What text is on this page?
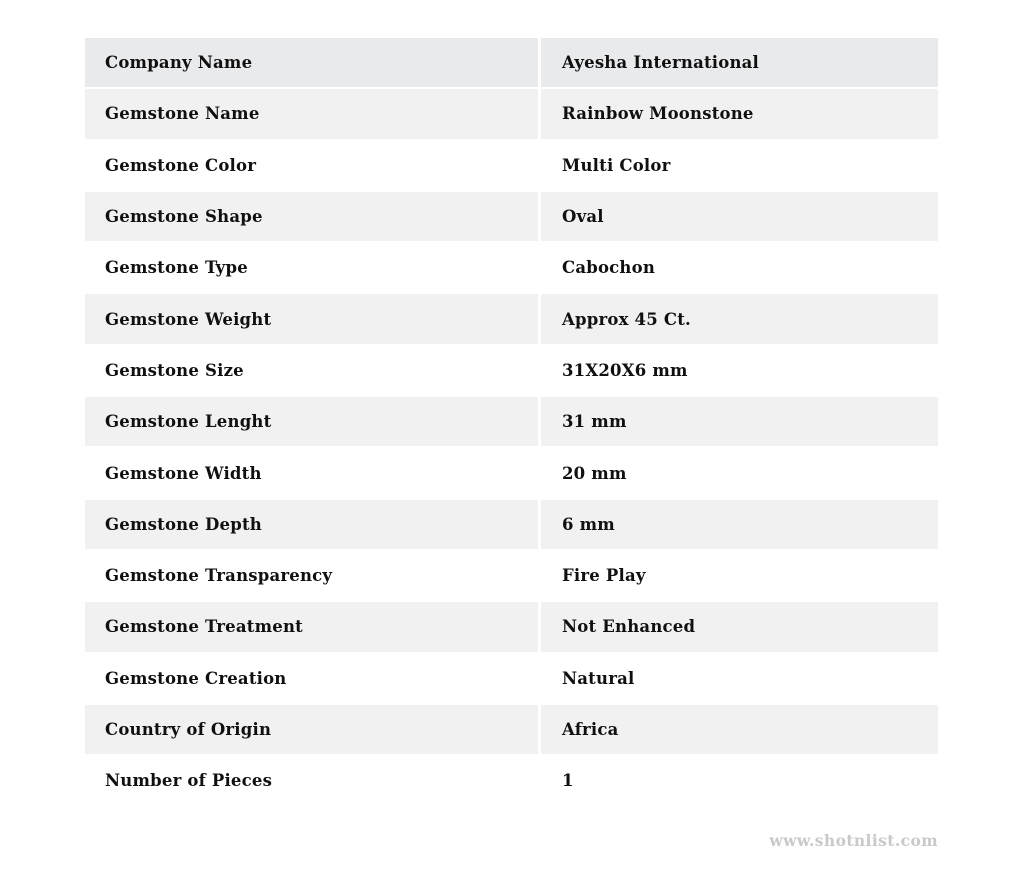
Company Name	Ayesha International
Gemstone Name	Rainbow Moonstone
Gemstone Color	Multi Color
Gemstone Shape	Oval
Gemstone Type	Cabochon
Gemstone Weight	Approx 45 Ct.
Gemstone Size	31X20X6 mm
Gemstone Lenght	31 mm
Gemstone Width	20 mm
Gemstone Depth	6 mm
Gemstone Transparency	Fire Play
Gemstone Treatment	Not Enhanced
Gemstone Creation	Natural
Country of Origin	Africa
Number of Pieces	1
www.shotnlist.com
